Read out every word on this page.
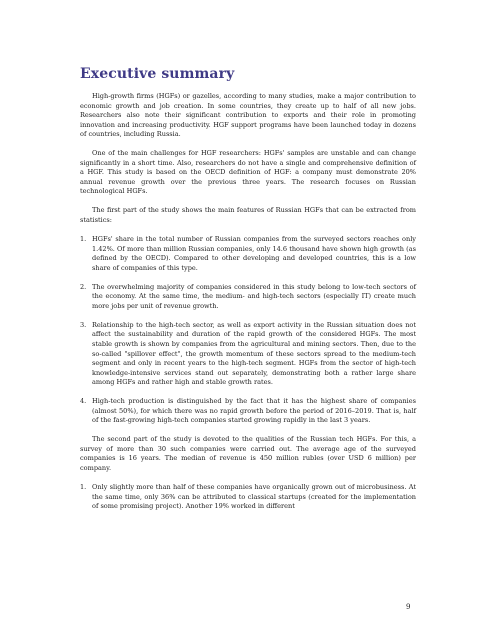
Executive summary

High-growth firms (HGFs) or gazelles, according to many studies, make a major contribution to economic growth and job creation. In some countries, they create up to half of all new jobs. Researchers also note their significant contribution to exports and their role in promoting innovation and increasing productivity. HGF support programs have been launched today in dozens of countries, including Russia.

One of the main challenges for HGF researchers: HGFs' samples are unstable and can change significantly in a short time. Also, researchers do not have a single and comprehensive definition of a HGF. This study is based on the OECD definition of HGF: a company must demonstrate 20% annual revenue growth over the previous three years. The research focuses on Russian technological HGFs.

The first part of the study shows the main features of Russian HGFs that can be extracted from statistics:

1. HGFs' share in the total number of Russian companies from the surveyed sectors reaches only 1.42%. Of more than million Russian companies, only 14.6 thousand have shown high growth (as defined by the OECD). Compared to other developing and developed countries, this is a low share of companies of this type.
2. The overwhelming majority of companies considered in this study belong to low-tech sectors of the economy. At the same time, the medium- and high-tech sectors (especially IT) create much more jobs per unit of revenue growth.
3. Relationship to the high-tech sector, as well as export activity in the Russian situation does not affect the sustainability and duration of the rapid growth of the considered HGFs. The most stable growth is shown by companies from the agricultural and mining sectors. Then, due to the so-called "spillover effect", the growth momentum of these sectors spread to the medium-tech segment and only in recent years to the high-tech segment. HGFs from the sector of high-tech knowledge-intensive services stand out separately, demonstrating both a rather large share among HGFs and rather high and stable growth rates.
4. High-tech production is distinguished by the fact that it has the highest share of companies (almost 50%), for which there was no rapid growth before the period of 2016–2019. That is, half of the fast-growing high-tech companies started growing rapidly in the last 3 years.

The second part of the study is devoted to the qualities of the Russian tech HGFs. For this, a survey of more than 30 such companies were carried out. The average age of the surveyed companies is 16 years. The median of revenue is 450 million rubles (over USD 6 million) per company.

1. Only slightly more than half of these companies have organically grown out of microbusiness. At the same time, only 36% can be attributed to classical startups (created for the implementation of some promising project). Another 19% worked in different
9
